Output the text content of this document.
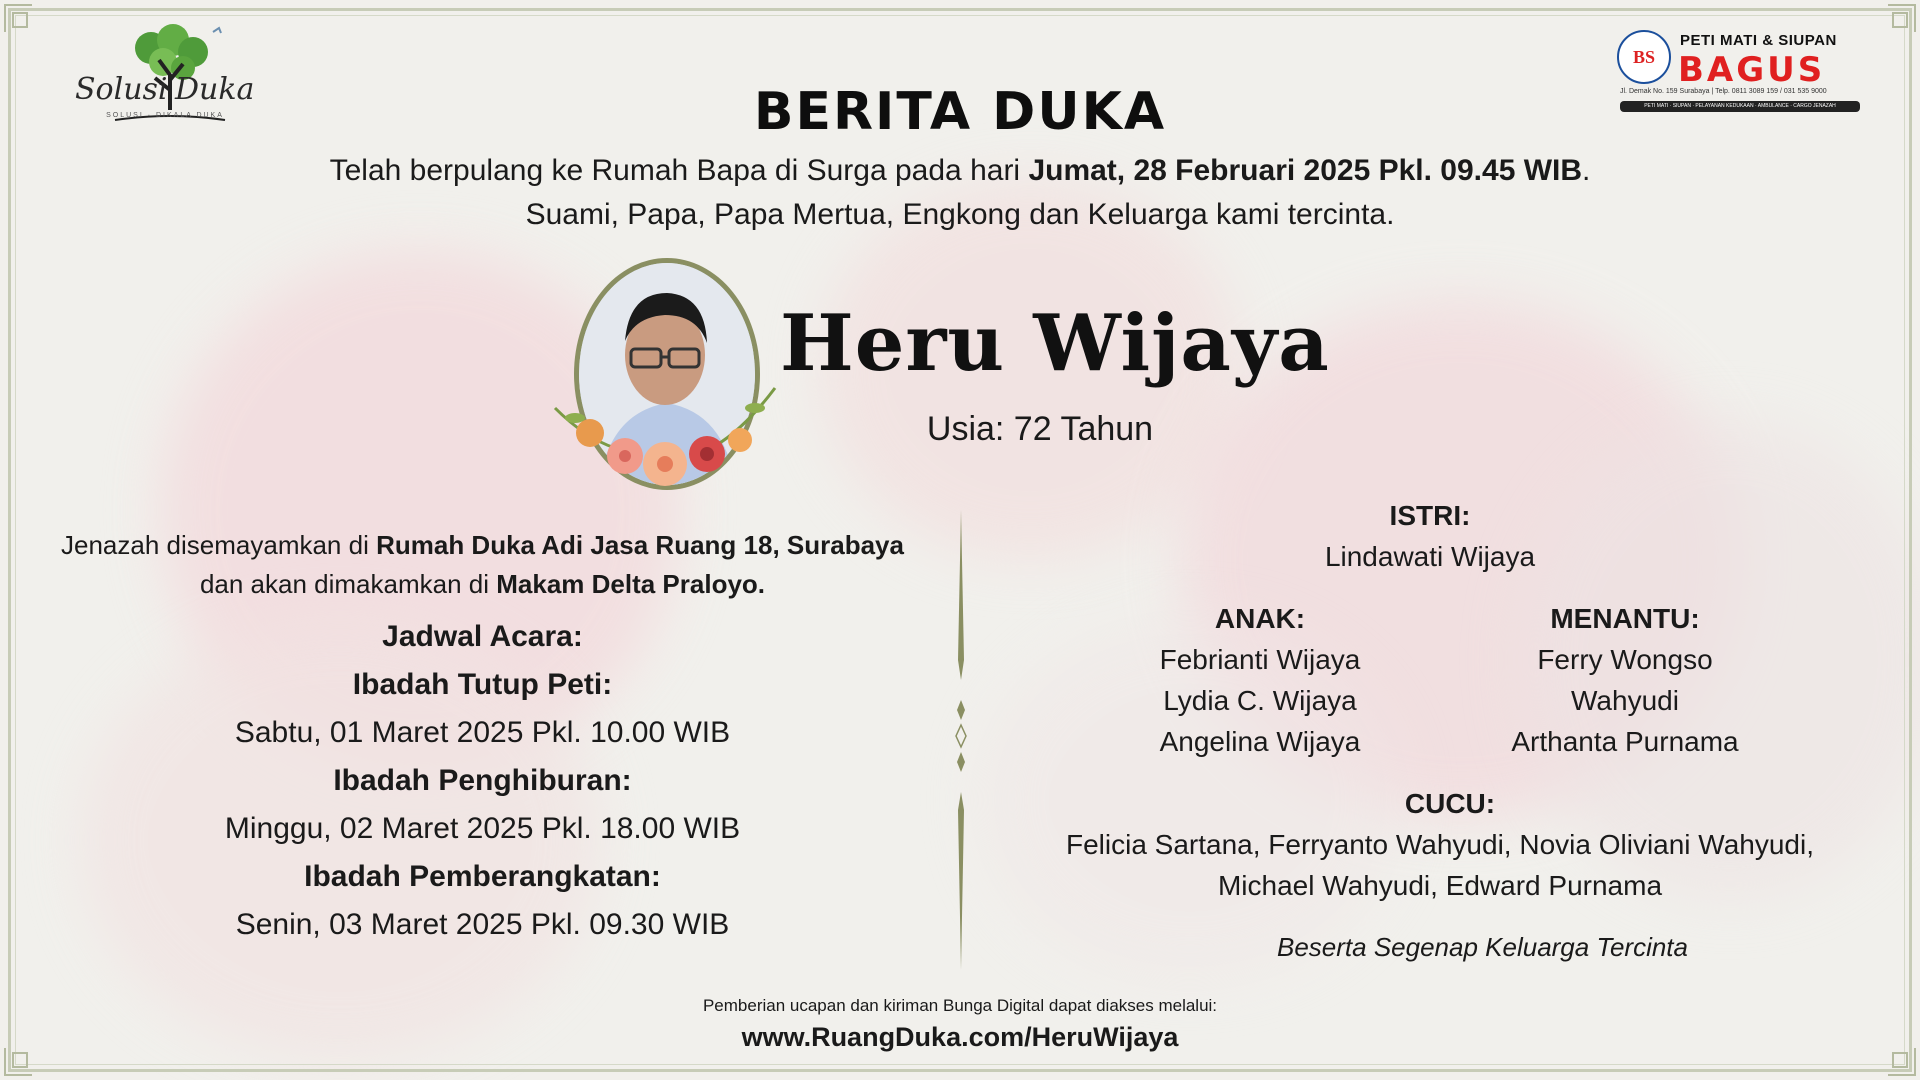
Solusi Duka
SOLUSI · DIKALA DUKA
BS
PETI MATI & SIUPAN
BAGUS
Jl. Demak No. 159 Surabaya | Telp. 0811 3089 159 / 031 535 9000
PETI MATI · SIUPAN · PELAYANAN KEDUKAAN · AMBULANCE · CARGO JENAZAH
BERITA DUKA
Telah berpulang ke Rumah Bapa di Surga pada hari Jumat, 28 Februari 2025 Pkl. 09.45 WIB.
Suami, Papa, Papa Mertua, Engkong dan Keluarga kami tercinta.
Heru Wijaya
Usia: 72 Tahun
Jenazah disemayamkan di Rumah Duka Adi Jasa Ruang 18, Surabaya
dan akan dimakamkan di Makam Delta Praloyo.
Jadwal Acara:
Ibadah Tutup Peti:
Sabtu, 01 Maret 2025 Pkl. 10.00 WIB
Ibadah Penghiburan:
Minggu, 02 Maret 2025 Pkl. 18.00 WIB
Ibadah Pemberangkatan:
Senin, 03 Maret 2025 Pkl. 09.30 WIB
ISTRI:
Lindawati Wijaya
ANAK:
Febrianti Wijaya
Lydia C. Wijaya
Angelina Wijaya
MENANTU:
Ferry Wongso
Wahyudi
Arthanta Purnama
CUCU:
Felicia Sartana, Ferryanto Wahyudi, Novia Oliviani Wahyudi,
Michael Wahyudi, Edward Purnama
Beserta Segenap Keluarga Tercinta
Pemberian ucapan dan kiriman Bunga Digital dapat diakses melalui:
www.RuangDuka.com/HeruWijaya
